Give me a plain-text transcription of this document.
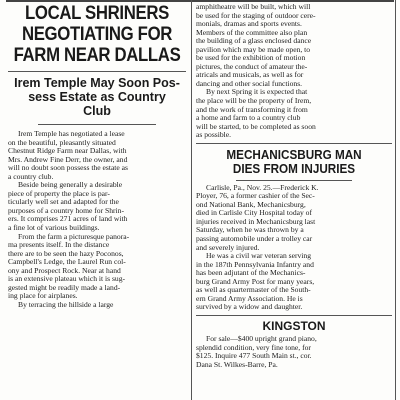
LOCAL SHRINERS
NEGOTIATING FOR
FARM NEAR DALLAS
Irem Temple May Soon Pos-
sess Estate as Country
Club
Irem Temple has negotiated a lease
on the beautiful, pleasantly situated
Chestnut Ridge Farm near Dallas, with
Mrs. Andrew Fine Derr, the owner, and
will no doubt soon possess the estate as
a country club.
Beside being generally a desirable
piece of property the place is par-
ticularly well set and adapted for the
purposes of a country home for Shrin-
ers. It comprises 271 acres of land with
a fine lot of various buildings.
From the farm a picturesque panora-
ma presents itself. In the distance
there are to be seen the hazy Poconos,
Campbell's Ledge, the Laurel Run col-
ony and Prospect Rock. Near at hand
is an extensive plateau which it is sug-
gested might be readily made a land-
ing place for airplanes.
By terracing the hillside a large
amphitheatre will be built, which will
be used for the staging of outdoor cere-
monials, dramas and sports events.
Members of the committee also plan
the building of a glass enclosed dance
pavilion which may be made open, to
be used for the exhibition of motion
pictures, the conduct of amateur the-
atricals and musicals, as well as for
dancing and other social functions.
By next Spring it is expected that
the place will be the property of Irem,
and the work of transforming it from
a home and farm to a country club
will be started, to be completed as soon
as possible.
MECHANICSBURG MAN
DIES FROM INJURIES
Carlisle, Pa., Nov. 25.—Frederick K.
Ployer, 76, a former cashier of the Sec-
ond National Bank, Mechanicsburg,
died in Carlisle City Hospital today of
injuries received in Mechanicsburg last
Saturday, when he was thrown by a
passing automobile under a trolley car
and severely injured.
He was a civil war veteran serving
in the 187th Pennsylvania Infantry and
has been adjutant of the Mechanics-
burg Grand Army Post for many years,
as well as quartermaster of the South-
ern Grand Army Association. He is
survived by a widow and daughter.
KINGSTON
For sale—$400 upright grand piano,
splendid condition, very fine tone, for
$125. Inquire 477 South Main st., cor.
Dana St. Wilkes-Barre, Pa.
